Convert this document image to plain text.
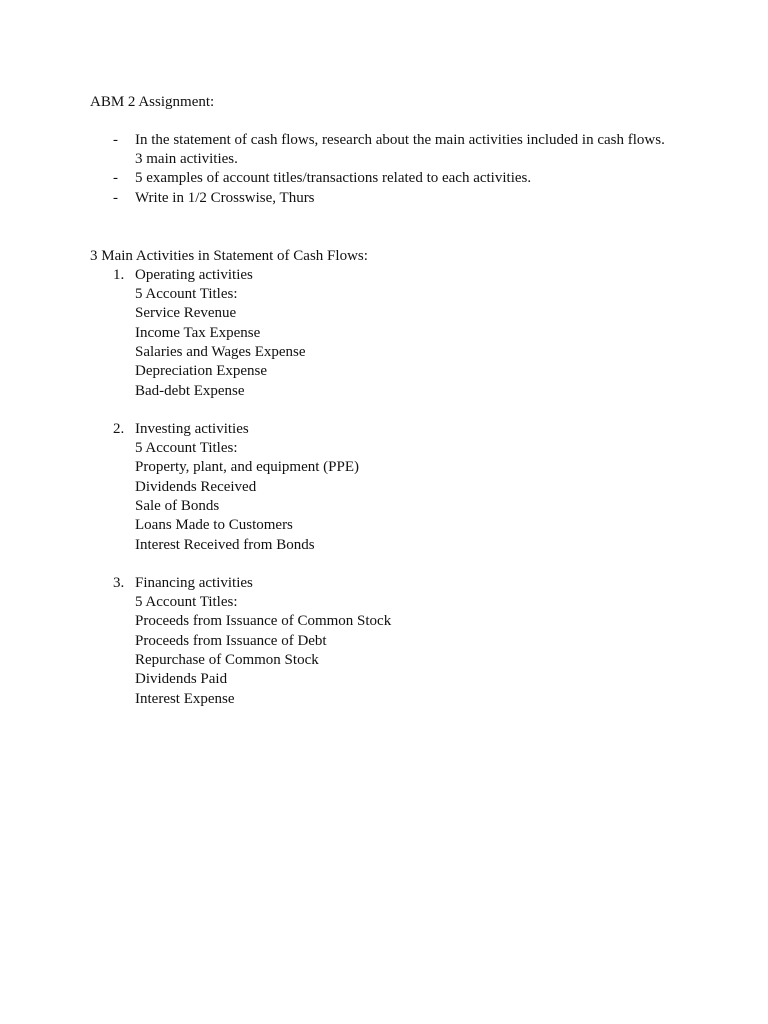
ABM 2 Assignment:
- In the statement of cash flows, research about the main activities included in cash flows.
3 main activities.
- 5 examples of account titles/transactions related to each activities.
- Write in 1/2 Crosswise, Thurs
3 Main Activities in Statement of Cash Flows:
1. Operating activities
5 Account Titles:
Service Revenue
Income Tax Expense
Salaries and Wages Expense
Depreciation Expense
Bad-debt Expense
2. Investing activities
5 Account Titles:
Property, plant, and equipment (PPE)
Dividends Received
Sale of Bonds
Loans Made to Customers
Interest Received from Bonds
3. Financing activities
5 Account Titles:
Proceeds from Issuance of Common Stock
Proceeds from Issuance of Debt
Repurchase of Common Stock
Dividends Paid
Interest Expense
